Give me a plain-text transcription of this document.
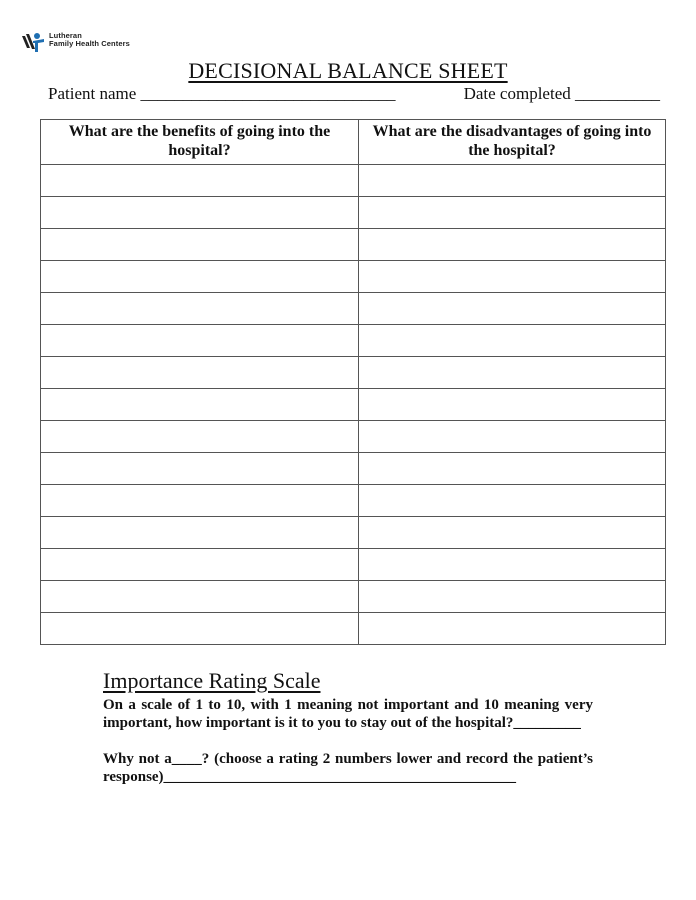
Lutheran
Family Health Centers
DECISIONAL BALANCE SHEET
Patient name ______________________________	Date completed __________
What are the benefits of going into the hospital?	What are the disadvantages of going into the hospital?

Importance Rating Scale

On a scale of 1 to 10, with 1 meaning not important and 10 meaning very important, how important is it to you to stay out of the hospital?_________

Why not a____? (choose a rating 2 numbers lower and record the patient’s response)_______________________________________________
